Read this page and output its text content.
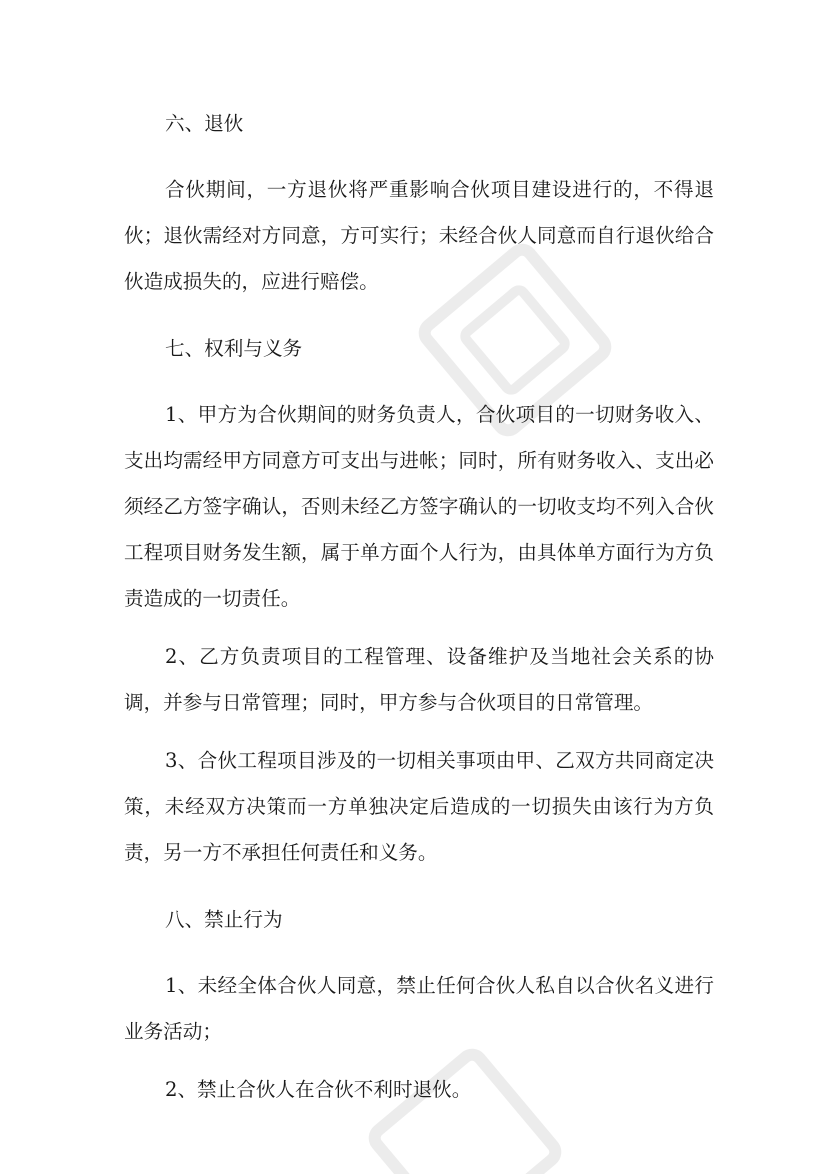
六、退伙

合伙期间，一方退伙将严重影响合伙项目建设进行的，不得退伙；退伙需经对方同意，方可实行；未经合伙人同意而自行退伙给合伙造成损失的，应进行赔偿。

七、权利与义务

1、甲方为合伙期间的财务负责人，合伙项目的一切财务收入、支出均需经甲方同意方可支出与进帐；同时，所有财务收入、支出必须经乙方签字确认，否则未经乙方签字确认的一切收支均不列入合伙工程项目财务发生额，属于单方面个人行为，由具体单方面行为方负责造成的一切责任。

2、乙方负责项目的工程管理、设备维护及当地社会关系的协调，并参与日常管理；同时，甲方参与合伙项目的日常管理。

3、合伙工程项目涉及的一切相关事项由甲、乙双方共同商定决策，未经双方决策而一方单独决定后造成的一切损失由该行为方负责，另一方不承担任何责任和义务。

八、禁止行为

1、未经全体合伙人同意，禁止任何合伙人私自以合伙名义进行业务活动；

2、禁止合伙人在合伙不利时退伙。
